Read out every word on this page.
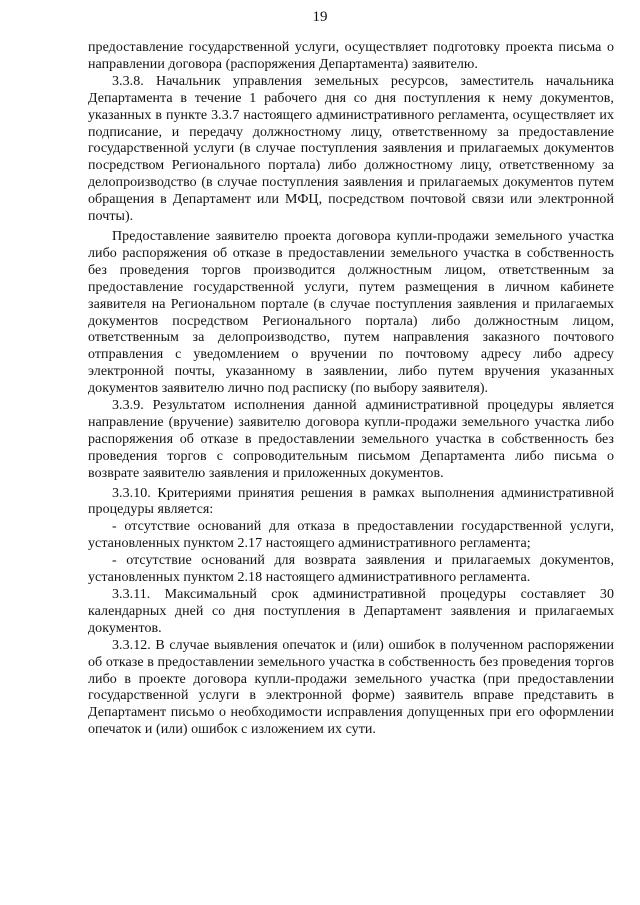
19

предоставление государственной услуги, осуществляет подготовку проекта письма о направлении договора (распоряжения Департамента) заявителю.

3.3.8. Начальник управления земельных ресурсов, заместитель начальника Департамента в течение 1 рабочего дня со дня поступления к нему документов, указанных в пункте 3.3.7 настоящего административного регламента, осуществляет их подписание, и передачу должностному лицу, ответственному за предоставление государственной услуги (в случае поступления заявления и прилагаемых документов посредством Регионального портала) либо должностному лицу, ответственному за делопроизводство (в случае поступления заявления и прилагаемых документов путем обращения в Департамент или МФЦ, посредством почтовой связи или электронной почты).

Предоставление заявителю проекта договора купли-продажи земельного участка либо распоряжения об отказе в предоставлении земельного участка в собственность без проведения торгов производится должностным лицом, ответственным за предоставление государственной услуги, путем размещения в личном кабинете заявителя на Региональном портале (в случае поступления заявления и прилагаемых документов посредством Регионального портала) либо должностным лицом, ответственным за делопроизводство, путем направления заказного почтового отправления с уведомлением о вручении по почтовому адресу либо адресу электронной почты, указанному в заявлении, либо путем вручения указанных документов заявителю лично под расписку (по выбору заявителя).

3.3.9. Результатом исполнения данной административной процедуры является направление (вручение) заявителю договора купли-продажи земельного участка либо распоряжения об отказе в предоставлении земельного участка в собственность без проведения торгов с сопроводительным письмом Департамента либо письма о возврате заявителю заявления и приложенных документов.

3.3.10. Критериями принятия решения в рамках выполнения административной процедуры является:

- отсутствие оснований для отказа в предоставлении государственной услуги, установленных пунктом 2.17 настоящего административного регламента;

- отсутствие оснований для возврата заявления и прилагаемых документов, установленных пунктом 2.18 настоящего административного регламента.

3.3.11. Максимальный срок административной процедуры составляет 30 календарных дней со дня поступления в Департамент заявления и прилагаемых документов.

3.3.12. В случае выявления опечаток и (или) ошибок в полученном распоряжении об отказе в предоставлении земельного участка в собственность без проведения торгов либо в проекте договора купли-продажи земельного участка (при предоставлении государственной услуги в электронной форме) заявитель вправе представить в Департамент письмо о необходимости исправления допущенных при его оформлении опечаток и (или) ошибок с изложением их сути.
